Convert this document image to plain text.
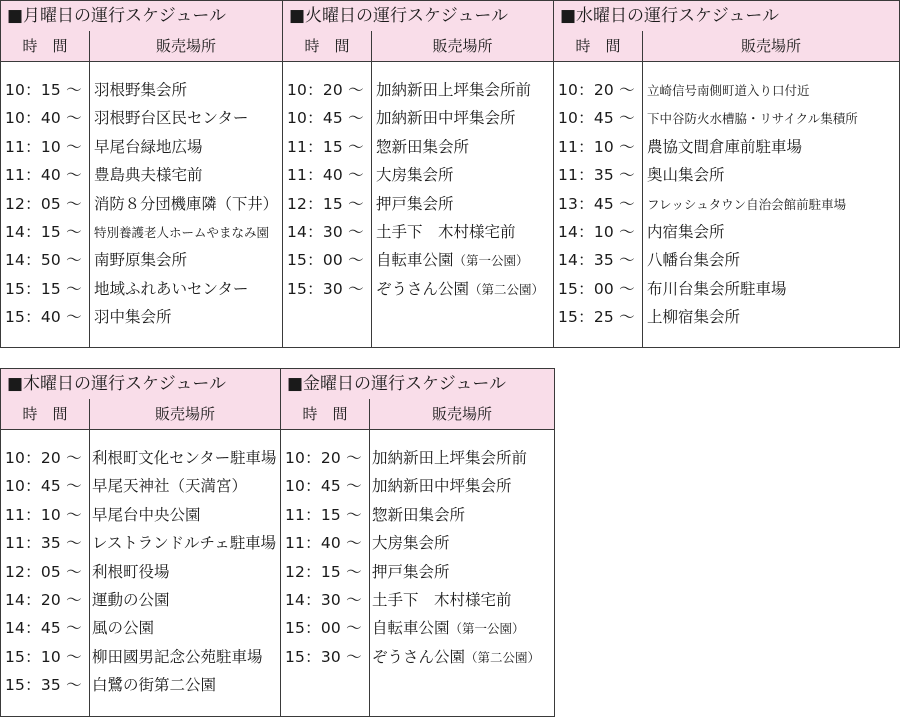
■月曜日の運行スケジュール
時　間	販売場所
10：15 〜 羽根野集会所
10：40 〜 羽根野台区民センター
11：10 〜 早尾台緑地広場
11：40 〜 豊島典夫様宅前
12：05 〜 消防８分団機庫隣（下井）
14：15 〜 特別養護老人ホームやまなみ園
14：50 〜 南野原集会所
15：15 〜 地域ふれあいセンター
15：40 〜 羽中集会所
■火曜日の運行スケジュール
時　間	販売場所
10：20 〜 加納新田上坪集会所前
10：45 〜 加納新田中坪集会所
11：15 〜 惣新田集会所
11：40 〜 大房集会所
12：15 〜 押戸集会所
14：30 〜 土手下　木村様宅前
15：00 〜 自転車公園（第一公園）
15：30 〜 ぞうさん公園（第二公園）
■水曜日の運行スケジュール
時　間	販売場所
10：20 〜 立崎信号南側町道入り口付近
10：45 〜 下中谷防火水槽脇・リサイクル集積所
11：10 〜 農協文間倉庫前駐車場
11：35 〜 奥山集会所
13：45 〜 フレッシュタウン自治会館前駐車場
14：10 〜 内宿集会所
14：35 〜 八幡台集会所
15：00 〜 布川台集会所駐車場
15：25 〜 上柳宿集会所
■木曜日の運行スケジュール
時　間	販売場所
10：20 〜 利根町文化センター駐車場
10：45 〜 早尾天神社（天満宮）
11：10 〜 早尾台中央公園
11：35 〜 レストランドルチェ駐車場
12：05 〜 利根町役場
14：20 〜 運動の公園
14：45 〜 風の公園
15：10 〜 柳田國男記念公苑駐車場
15：35 〜 白鷺の街第二公園
■金曜日の運行スケジュール
時　間	販売場所
10：20 〜 加納新田上坪集会所前
10：45 〜 加納新田中坪集会所
11：15 〜 惣新田集会所
11：40 〜 大房集会所
12：15 〜 押戸集会所
14：30 〜 土手下　木村様宅前
15：00 〜 自転車公園（第一公園）
15：30 〜 ぞうさん公園（第二公園）
